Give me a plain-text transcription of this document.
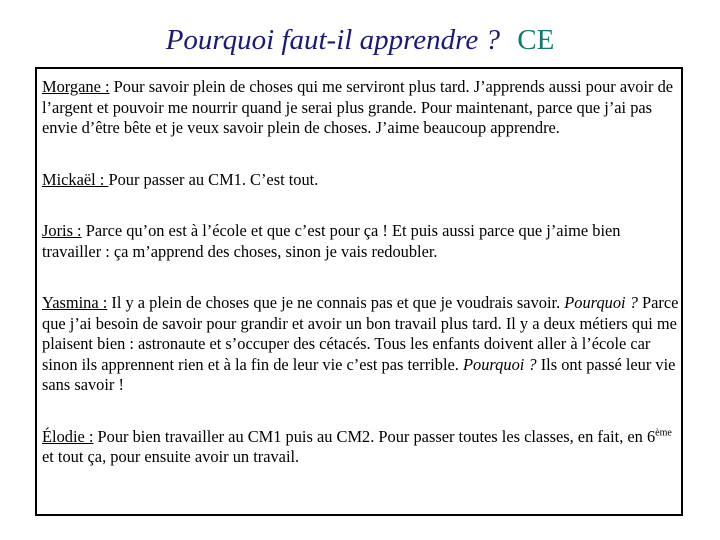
Pourquoi faut-il apprendre ? CE

Morgane : Pour savoir plein de choses qui me serviront plus tard. J’apprends aussi pour avoir de l’argent et pouvoir me nourrir quand je serai plus grande. Pour maintenant, parce que j’ai pas envie d’être bête et je veux savoir plein de choses. J’aime beaucoup apprendre.

Mickaël : Pour passer au CM1. C’est tout.

Joris : Parce qu’on est à l’école et que c’est pour ça ! Et puis aussi parce que j’aime bien travailler : ça m’apprend des choses, sinon je vais redoubler.

Yasmina : Il y a plein de choses que je ne connais pas et que je voudrais savoir. Pourquoi ? Parce que j’ai besoin de savoir pour grandir et avoir un bon travail plus tard. Il y a deux métiers qui me plaisent bien : astronaute et s’occuper des cétacés. Tous les enfants doivent aller à l’école car sinon ils apprennent rien et à la fin de leur vie c’est pas terrible. Pourquoi ? Ils ont passé leur vie sans savoir !

Élodie : Pour bien travailler au CM1 puis au CM2. Pour passer toutes les classes, en fait, en 6ème et tout ça, pour ensuite avoir un travail.
